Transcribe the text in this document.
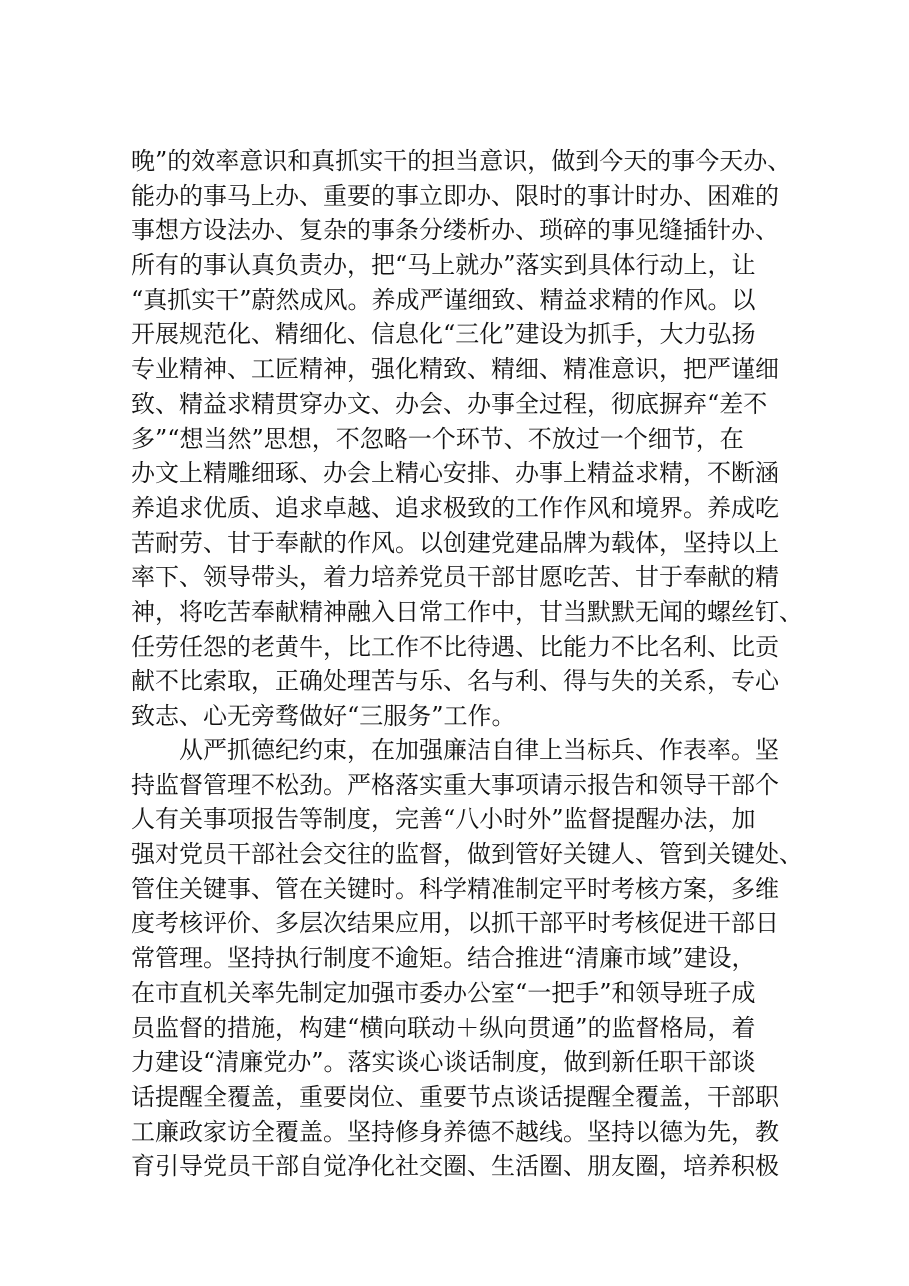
晚”的效率意识和真抓实干的担当意识，做到今天的事今天办、
能办的事马上办、重要的事立即办、限时的事计时办、困难的
事想方设法办、复杂的事条分缕析办、琐碎的事见缝插针办、
所有的事认真负责办，把“马上就办”落实到具体行动上，让
“真抓实干”蔚然成风。养成严谨细致、精益求精的作风。以
开展规范化、精细化、信息化“三化”建设为抓手，大力弘扬
专业精神、工匠精神，强化精致、精细、精准意识，把严谨细
致、精益求精贯穿办文、办会、办事全过程，彻底摒弃“差不
多”“想当然”思想，不忽略一个环节、不放过一个细节，在
办文上精雕细琢、办会上精心安排、办事上精益求精，不断涵
养追求优质、追求卓越、追求极致的工作作风和境界。养成吃
苦耐劳、甘于奉献的作风。以创建党建品牌为载体，坚持以上
率下、领导带头，着力培养党员干部甘愿吃苦、甘于奉献的精
神，将吃苦奉献精神融入日常工作中，甘当默默无闻的螺丝钉、
任劳任怨的老黄牛，比工作不比待遇、比能力不比名利、比贡
献不比索取，正确处理苦与乐、名与利、得与失的关系，专心
致志、心无旁骛做好“三服务”工作。
从严抓德纪约束，在加强廉洁自律上当标兵、作表率。坚
持监督管理不松劲。严格落实重大事项请示报告和领导干部个
人有关事项报告等制度，完善“八小时外”监督提醒办法，加
强对党员干部社会交往的监督，做到管好关键人、管到关键处、
管住关键事、管在关键时。科学精准制定平时考核方案，多维
度考核评价、多层次结果应用，以抓干部平时考核促进干部日
常管理。坚持执行制度不逾矩。结合推进“清廉市域”建设，
在市直机关率先制定加强市委办公室“一把手”和领导班子成
员监督的措施，构建“横向联动＋纵向贯通”的监督格局，着
力建设“清廉党办”。落实谈心谈话制度，做到新任职干部谈
话提醒全覆盖，重要岗位、重要节点谈话提醒全覆盖，干部职
工廉政家访全覆盖。坚持修身养德不越线。坚持以德为先，教
育引导党员干部自觉净化社交圈、生活圈、朋友圈，培养积极
